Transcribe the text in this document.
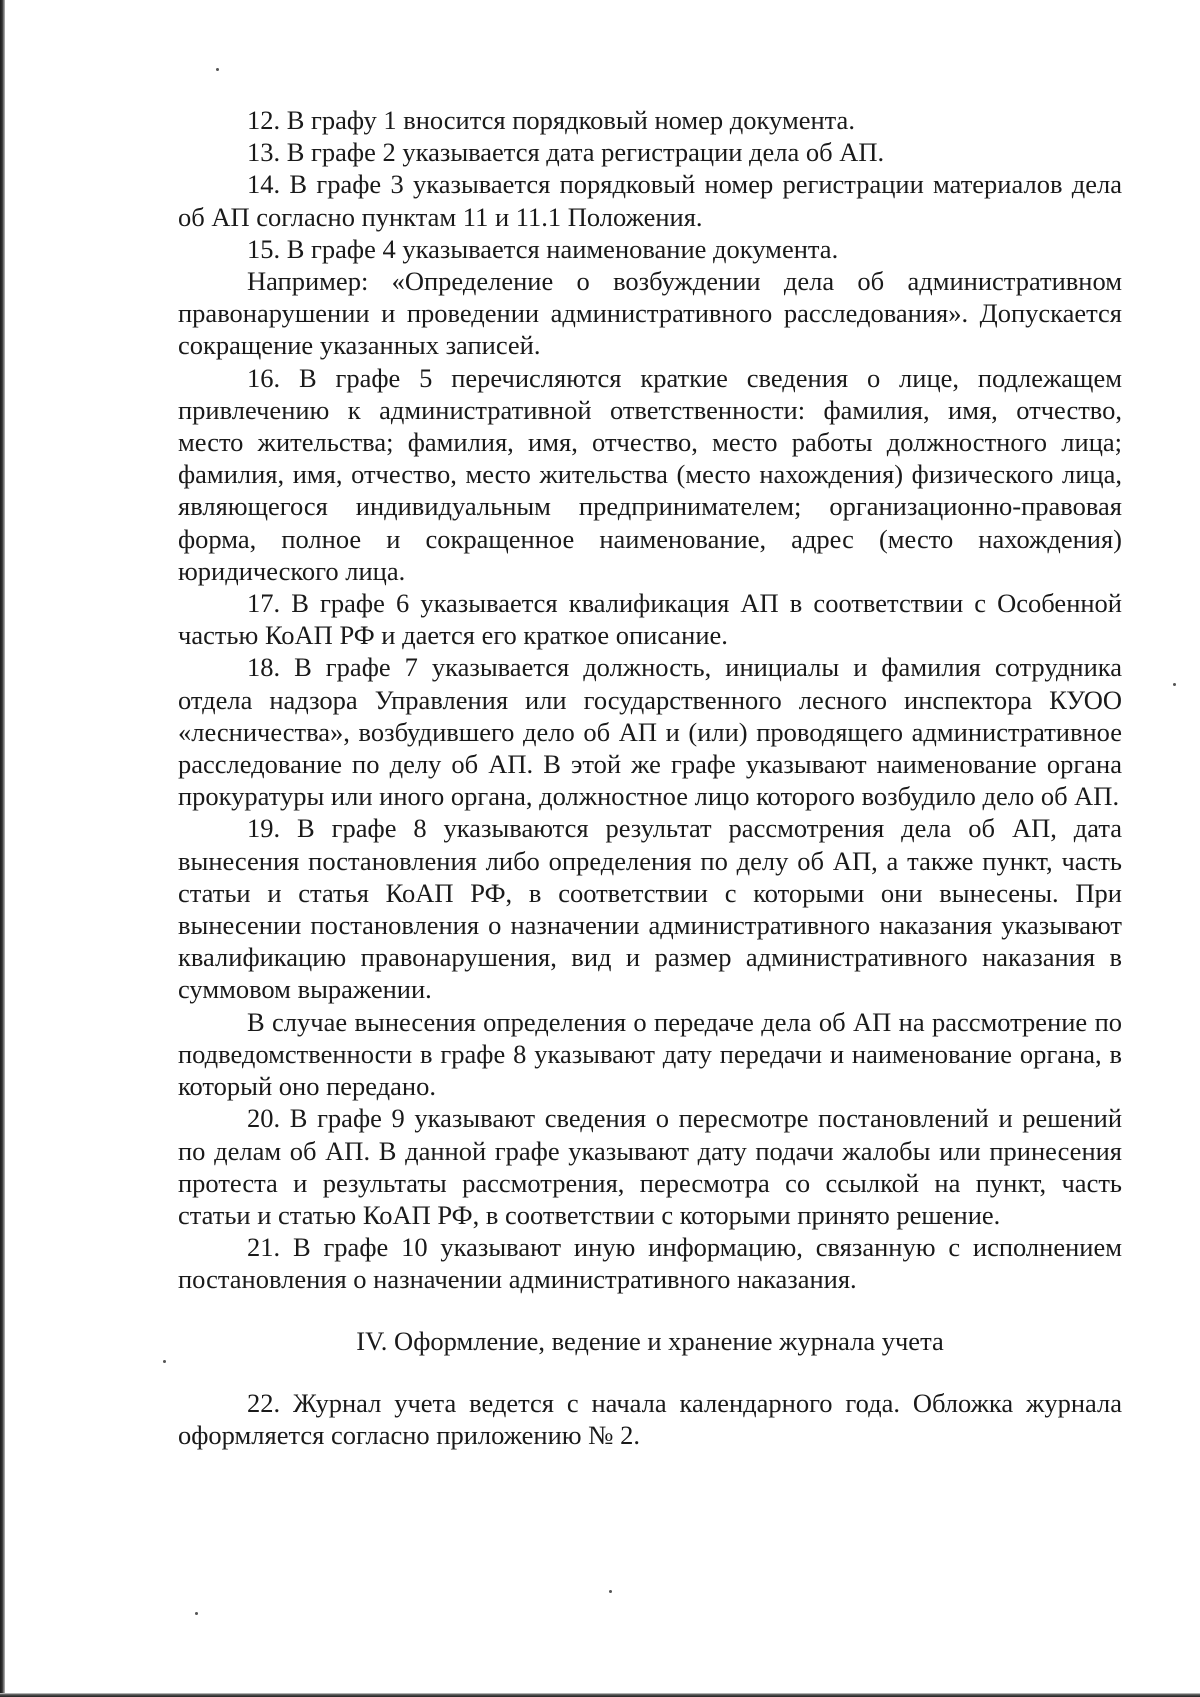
12. В графу 1 вносится порядковый номер документа.

13. В графе 2 указывается дата регистрации дела об АП.

14. В графе 3 указывается порядковый номер регистрации материалов дела об АП согласно пунктам 11 и 11.1 Положения.

15. В графе 4 указывается наименование документа.

Например: «Определение о возбуждении дела об административном правонарушении и проведении административного расследования». Допускается сокращение указанных записей.

16. В графе 5 перечисляются краткие сведения о лице, подлежащем привлечению к административной ответственности: фамилия, имя, отчество, место жительства; фамилия, имя, отчество, место работы должностного лица; фамилия, имя, отчество, место жительства (место нахождения) физического лица, являющегося индивидуальным предпринимателем; организационно-правовая форма, полное и сокращенное наименование, адрес (место нахождения) юридического лица.

17. В графе 6 указывается квалификация АП в соответствии с Особенной частью КоАП РФ и дается его краткое описание.

18. В графе 7 указывается должность, инициалы и фамилия сотрудника отдела надзора Управления или государственного лесного инспектора КУОО «лесничества», возбудившего дело об АП и (или) проводящего административное расследование по делу об АП. В этой же графе указывают наименование органа прокуратуры или иного органа, должностное лицо которого возбудило дело об АП.

19. В графе 8 указываются результат рассмотрения дела об АП, дата вынесения постановления либо определения по делу об АП, а также пункт, часть статьи и статья КоАП РФ, в соответствии с которыми они вынесены. При вынесении постановления о назначении административного наказания указывают квалификацию правонарушения, вид и размер административного наказания в суммовом выражении.

В случае вынесения определения о передаче дела об АП на рассмотрение по подведомственности в графе 8 указывают дату передачи и наименование органа, в который оно передано.

20. В графе 9 указывают сведения о пересмотре постановлений и решений по делам об АП. В данной графе указывают дату подачи жалобы или принесения протеста и результаты рассмотрения, пересмотра со ссылкой на пункт, часть статьи и статью КоАП РФ, в соответствии с которыми принято решение.

21. В графе 10 указывают иную информацию, связанную с исполнением постановления о назначении административного наказания.

IV. Оформление, ведение и хранение журнала учета

22. Журнал учета ведется с начала календарного года. Обложка журнала оформляется согласно приложению № 2.
